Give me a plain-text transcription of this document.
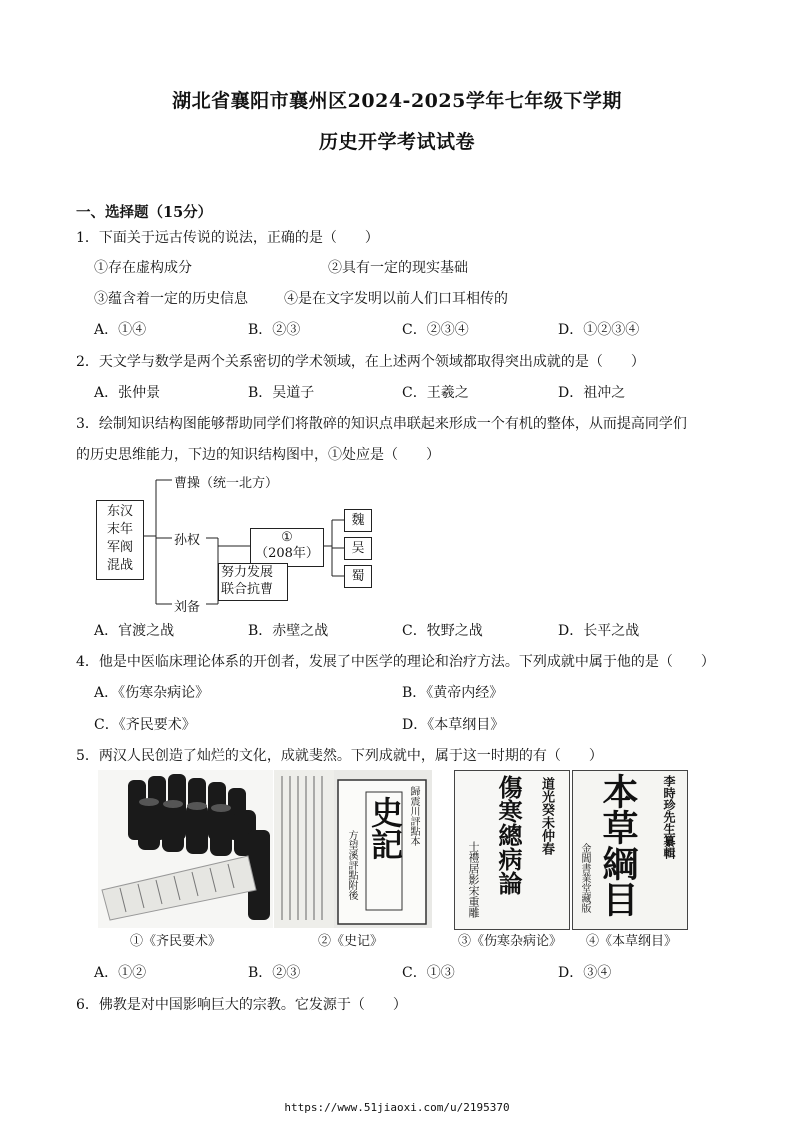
湖北省襄阳市襄州区2024-2025学年七年级下学期
历史开学考试试卷
一、选择题（15分）
1．下面关于远古传说的说法，正确的是（　　）
①存在虚构成分	②具有一定的现实基础
③蕴含着一定的历史信息	④是在文字发明以前人们口耳相传的
A．①④	B．②③	C．②③④	D．①②③④
2．天文学与数学是两个关系密切的学术领域，在上述两个领域都取得突出成就的是（　　）
A．张仲景	B．吴道子	C．王羲之	D．祖冲之
3．绘制知识结构图能够帮助同学们将散碎的知识点串联起来形成一个有机的整体，从而提高同学们
的历史思维能力，下边的知识结构图中，①处应是（　　）
东汉
末年
军阀
混战
曹操（统一北方）
孙权
刘备
①
（208年）
努力发展
联合抗曹
魏
吴
蜀
A．官渡之战	B．赤壁之战	C．牧野之战	D．长平之战
4．他是中医临床理论体系的开创者，发展了中医学的理论和治疗方法。下列成就中属于他的是（　　）
A．《伤寒杂病论》	B．《黄帝内经》
C．《齐民要术》	D．《本草纲目》
5．两汉人民创造了灿烂的文化，成就斐然。下列成就中，属于这一时期的有（　　）
史記 歸震川評點本
方望溪評點附後	傷寒總病論 道光癸未仲春
士禮居影宋重雕	本草綱目 李時珍先生纂輯
金閶書業堂藏版
①《齐民要术》	②《史记》	③《伤寒杂病论》 ④《本草纲目》
A．①②	B．②③	C．①③	D．③④
6．佛教是对中国影响巨大的宗教。它发源于（　　）
https://www.51jiaoxi.com/u/2195370
